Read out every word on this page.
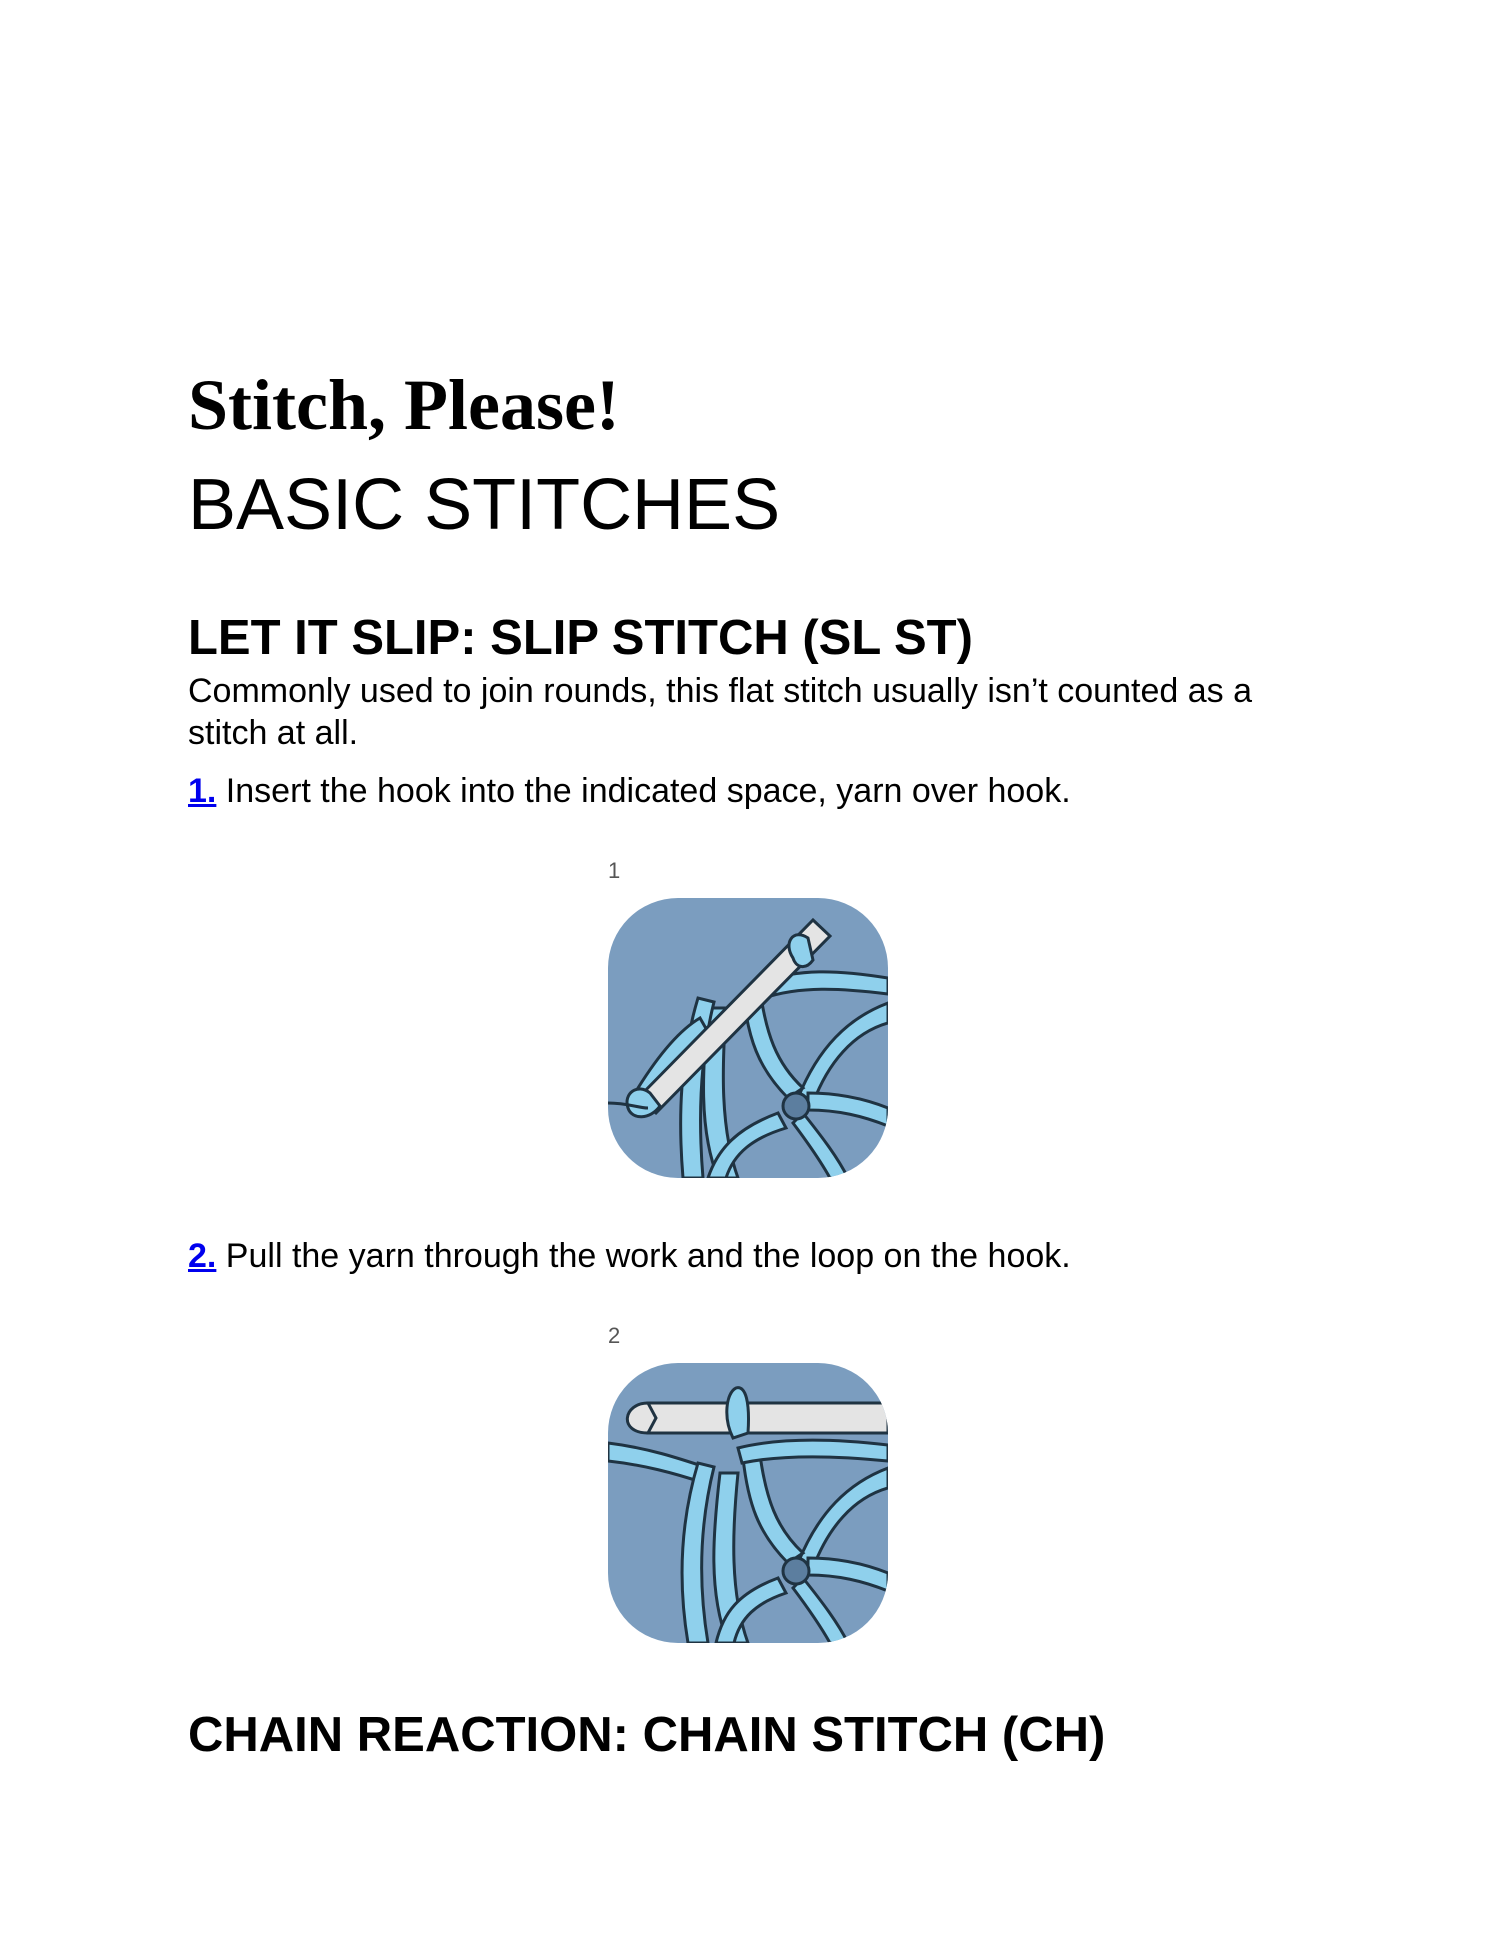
Stitch, Please!
BASIC STITCHES
LET IT SLIP: SLIP STITCH (SL ST)

Commonly used to join rounds, this flat stitch usually isn’t counted as a stitch at all.

1. Insert the hook into the indicated space, yarn over hook.

1

2. Pull the yarn through the work and the loop on the hook.

2
CHAIN REACTION: CHAIN STITCH (CH)
